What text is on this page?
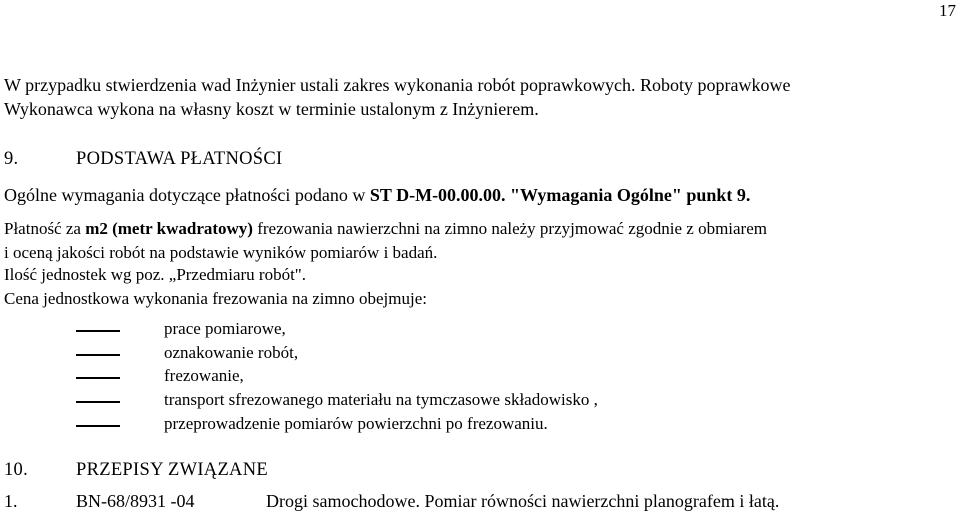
17
W przypadku stwierdzenia wad Inżynier ustali zakres wykonania robót poprawkowych. Roboty poprawkowe
Wykonawca wykona na własny koszt w terminie ustalonym z Inżynierem.
9.	PODSTAWA PŁATNOŚCI
Ogólne wymagania dotyczące płatności podano w ST D-M-00.00.00. "Wymagania Ogólne" punkt 9.
Płatność za m2 (metr kwadratowy) frezowania nawierzchni na zimno należy przyjmować zgodnie z obmiarem
i oceną jakości robót na podstawie wyników pomiarów i badań.
Ilość jednostek wg poz. „Przedmiaru robót".
Cena jednostkowa wykonania frezowania na zimno obejmuje:
prace pomiarowe,
oznakowanie robót,
frezowanie,
transport sfrezowanego materiału na tymczasowe składowisko ,
przeprowadzenie pomiarów powierzchni po frezowaniu.
10.	PRZEPISY ZWIĄZANE
1.	BN-68/8931 -04	Drogi samochodowe. Pomiar równości nawierzchni planografem i łatą.
